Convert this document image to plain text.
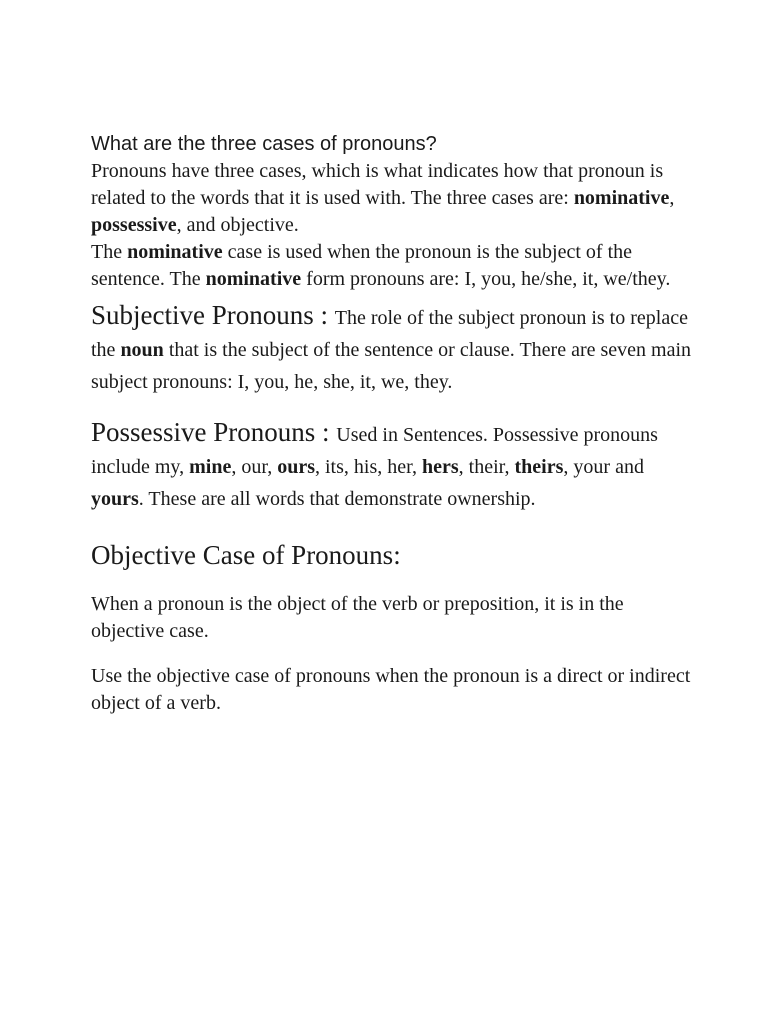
What are the three cases of pronouns?

Pronouns have three cases, which is what indicates how that pronoun is related to the words that it is used with. The three cases are: nominative, possessive, and objective.

The nominative case is used when the pronoun is the subject of the sentence. The nominative form pronouns are: I, you, he/she, it, we/they.

Subjective Pronouns : The role of the subject pronoun is to replace the noun that is the subject of the sentence or clause. There are seven main subject pronouns: I, you, he, she, it, we, they.

Possessive Pronouns : Used in Sentences. Possessive pronouns include my, mine, our, ours, its, his, her, hers, their, theirs, your and yours. These are all words that demonstrate ownership.

Objective Case of Pronouns:

When a pronoun is the object of the verb or preposition, it is in the objective case.

Use the objective case of pronouns when the pronoun is a direct or indirect object of a verb.
